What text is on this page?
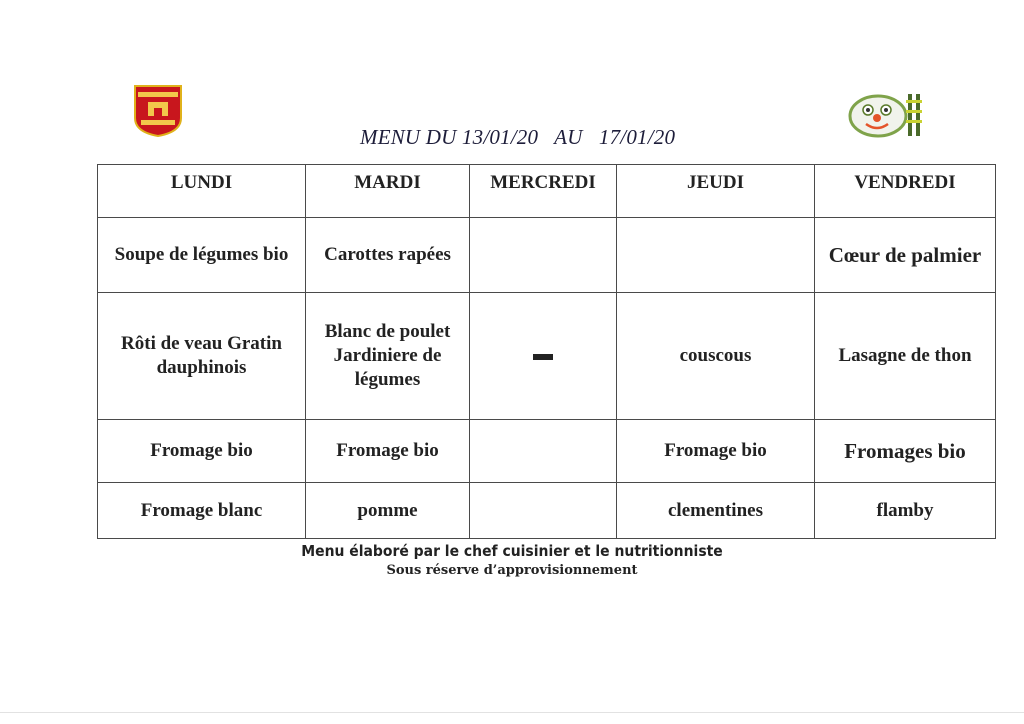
MENU DU 13/01/20   AU   17/01/20
LUNDI	MARDI	MERCREDI	JEUDI	VENDREDI
Soupe de légumes bio	Carottes rapées			Cœur de palmier
Rôti de veau Gratin dauphinois	Blanc de poulet Jardiniere de légumes		couscous	Lasagne de thon
Fromage bio	Fromage bio		Fromage bio	Fromages bio
Fromage blanc	pomme		clementines	flamby
Menu élaboré par le chef cuisinier et le nutritionniste
Sous réserve d’approvisionnement
